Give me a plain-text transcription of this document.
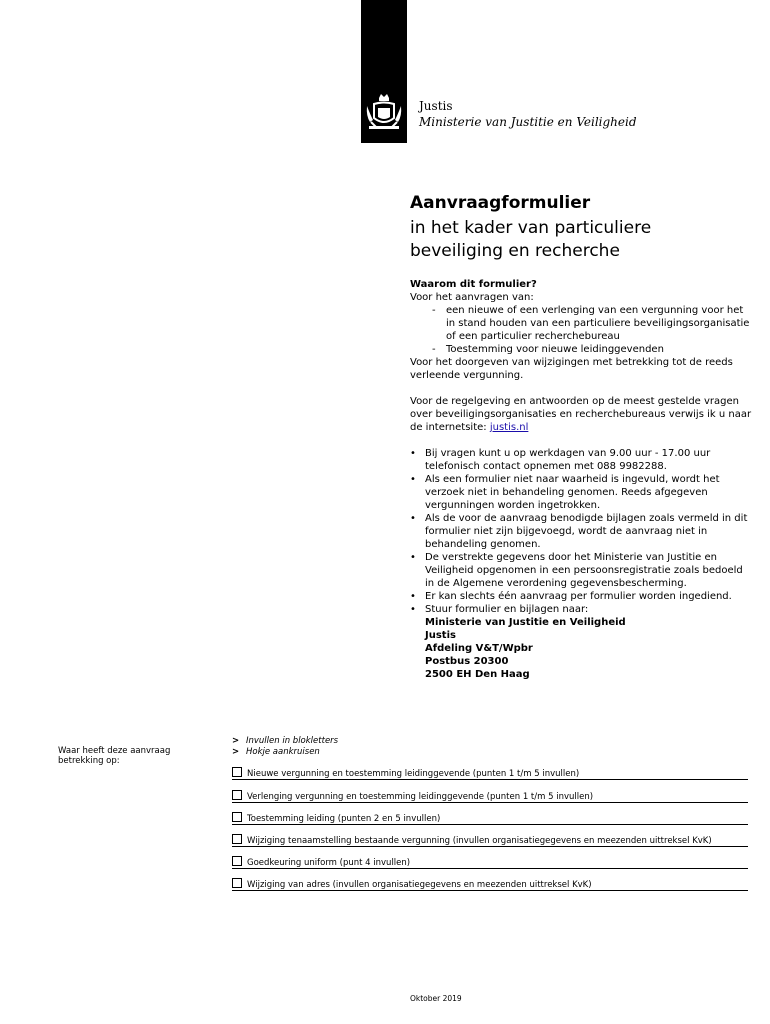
Justis
Ministerie van Justitie en Veiligheid
Aanvraagformulier
in het kader van particuliere beveiliging en recherche

Waarom dit formulier?

Voor het aanvragen van:

- een nieuwe of een verlenging van een vergunning voor het in stand houden van een particuliere beveiligingsorganisatie of een particulier recherchebureau
- Toestemming voor nieuwe leidinggevenden

Voor het doorgeven van wijzigingen met betrekking tot de reeds verleende vergunning.

Voor de regelgeving en antwoorden op de meest gestelde vragen over beveiligingsorganisaties en recherchebureaus verwijs ik u naar de internetsite: justis.nl

• Bij vragen kunt u op werkdagen van 9.00 uur - 17.00 uur telefonisch contact opnemen met 088 9982288.
• Als een formulier niet naar waarheid is ingevuld, wordt het verzoek niet in behandeling genomen. Reeds afgegeven vergunningen worden ingetrokken.
• Als de voor de aanvraag benodigde bijlagen zoals vermeld in dit formulier niet zijn bijgevoegd, wordt de aanvraag niet in behandeling genomen.
• De verstrekte gegevens door het Ministerie van Justitie en Veiligheid opgenomen in een persoonsregistratie zoals bedoeld in de Algemene verordening gegevensbescherming.
• Er kan slechts één aanvraag per formulier worden ingediend.
• Stuur formulier en bijlagen naar:
Ministerie van Justitie en Veiligheid
Justis
Afdeling V&T/Wpbr
Postbus 20300
2500 EH Den Haag
> Invullen in blokletters
> Hokje aankruisen
Waar heeft deze aanvraag betrekking op:
Nieuwe vergunning en toestemming leidinggevende (punten 1 t/m 5 invullen)
Verlenging vergunning en toestemming leidinggevende (punten 1 t/m 5 invullen)
Toestemming leiding (punten 2 en 5 invullen)
Wijziging tenaamstelling bestaande vergunning (invullen organisatiegegevens en meezenden uittreksel KvK)
Goedkeuring uniform (punt 4 invullen)
Wijziging van adres (invullen organisatiegegevens en meezenden uittreksel KvK)
Oktober 2019
